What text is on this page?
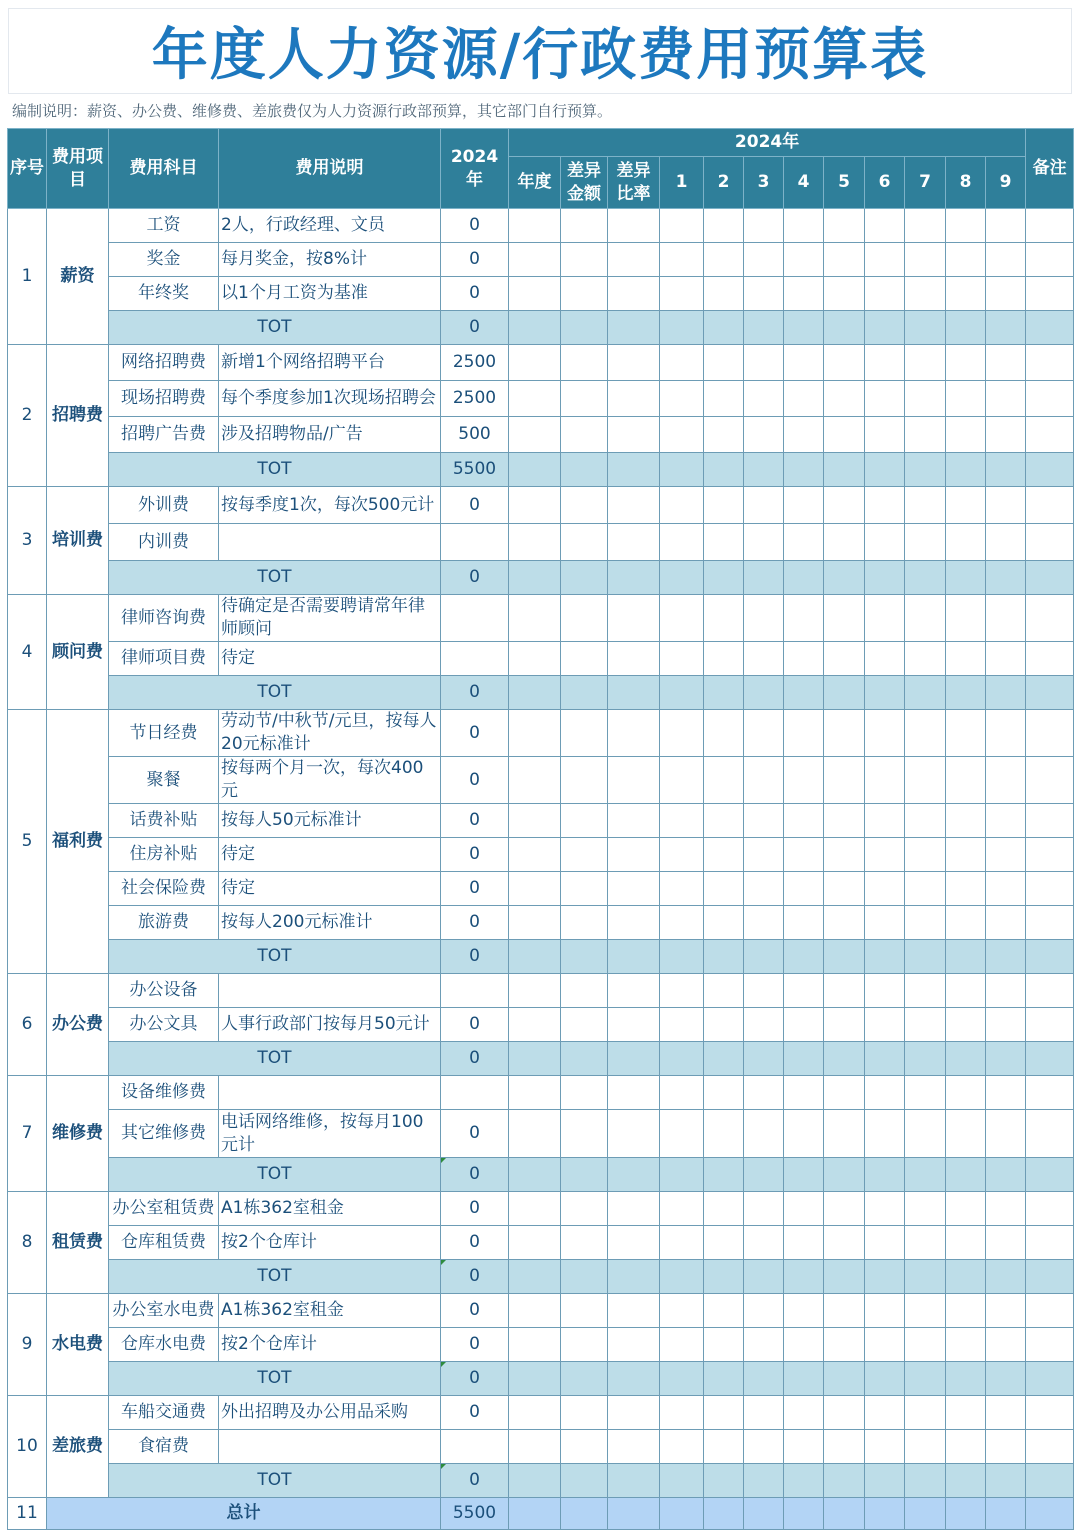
年度人力资源/行政费用预算表
编制说明：薪资、办公费、维修费、差旅费仅为人力资源行政部预算，其它部门自行预算。
序号	费用项目	费用科目	费用说明	2024年	2024年												备注
					年度	差异金额	差异比率	1	2	3	4	5	6	7	8	9	
1	薪资	工资	2人，行政经理、文员	0													
		奖金	每月奖金，按8%计	0													
		年终奖	以1个月工资为基准	0													
		TOT		0													
2	招聘费	网络招聘费	新增1个网络招聘平台	2500													
		现场招聘费	每个季度参加1次现场招聘会	2500													
		招聘广告费	涉及招聘物品/广告	500													
		TOT		5500													
3	培训费	外训费	按每季度1次，每次500元计	0													
		内训费															
		TOT		0													
4	顾问费	律师咨询费	待确定是否需要聘请常年律师顾问														
		律师项目费	待定														
		TOT		0													
5	福利费	节日经费	劳动节/中秋节/元旦，按每人20元标准计	0													
		聚餐	按每两个月一次，每次400元	0													
		话费补贴	按每人50元标准计	0													
		住房补贴	待定	0													
		社会保险费	待定	0													
		旅游费	按每人200元标准计	0													
		TOT		0													
6	办公费	办公设备															
		办公文具	人事行政部门按每月50元计	0													
		TOT		0													
7	维修费	设备维修费															
		其它维修费	电话网络维修，按每月100元计	0													
		TOT		0													
8	租赁费	办公室租赁费	A1栋362室租金	0													
		仓库租赁费	按2个仓库计	0													
		TOT		0													
9	水电费	办公室水电费	A1栋362室租金	0													
		仓库水电费	按2个仓库计	0													
		TOT		0													
10	差旅费	车船交通费	外出招聘及办公用品采购	0													
		食宿费															
		TOT		0													
11	总计			5500													
